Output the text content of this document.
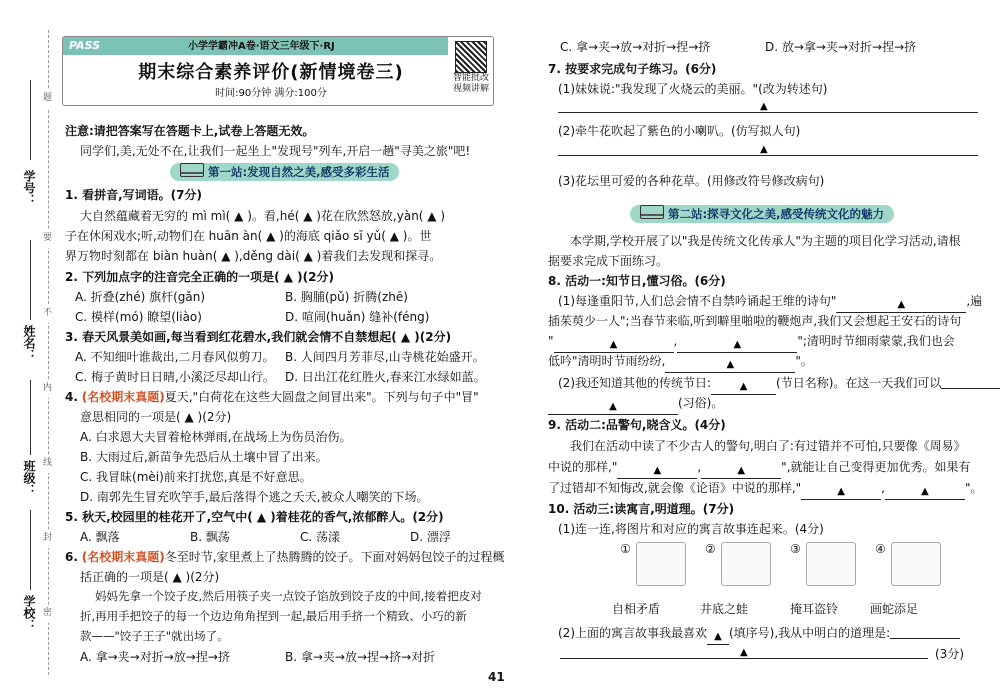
学号：
姓名：
班级：
学校：
题
要
不
内
线
封
密
PASS	小学学霸冲A卷·语文三年级下·RJ
期末综合素养评价(新情境卷三)
时间:90分钟 满分:100分
智能批改 视频讲解
注意:请把答案写在答题卡上,试卷上答题无效。
同学们,美,无处不在,让我们一起坐上"发现号"列车,开启一趟"寻美之旅"吧!
第一站:发现自然之美,感受多彩生活
1. 看拼音,写词语。(7分)
大自然蕴藏着无穷的 mì mì( ▲ )。看,hé( ▲ )花在欣然怒放,yàn( ▲ )
子在休闲戏水;听,动物们在 huān àn( ▲ )的海底 qiǎo sī yǔ( ▲ )。世
界万物时刻都在 biàn huàn( ▲ ),děng dài( ▲ )着我们去发现和探寻。
2. 下列加点字的注音完全正确的一项是( ▲ )(2分)
A. 折叠(zhé) 旗杆(gǎn)	B. 胸脯(pǔ) 折腾(zhē)
C. 模样(mó) 瞭望(liào)	D. 喧闹(huǎn) 缝补(féng)
3. 春天风景美如画,每当看到红花碧水,我们就会情不自禁想起( ▲ )(2分)
A. 不知细叶谁裁出,二月春风似剪刀。 B. 人间四月芳菲尽,山寺桃花始盛开。
C. 梅子黄时日日晴,小溪泛尽却山行。 D. 日出江花红胜火,春来江水绿如蓝。
4. (名校期末真题)夏天,"白荷花在这些大圆盘之间冒出来"。下列与句子中"冒"
意思相同的一项是( ▲ )(2分)
A. 白求恩大夫冒着枪林弹雨,在战场上为伤员治伤。
B. 大雨过后,新苗争先恐后从土壤中冒了出来。
C. 我冒昧(mèi)前来打扰您,真是不好意思。
D. 南郭先生冒充吹竽手,最后落得个逃之夭夭,被众人嘲笑的下场。
5. 秋天,校园里的桂花开了,空气中( ▲ )着桂花的香气,浓郁醉人。(2分)
A. 飘落	B. 飘荡	C. 荡漾	D. 漂浮
6. (名校期末真题)冬至时节,家里煮上了热腾腾的饺子。下面对妈妈包饺子的过程概
括正确的一项是( ▲ )(2分)
妈妈先拿一个饺子皮,然后用筷子夹一点饺子馅放到饺子皮的中间,接着把皮对
折,再用手把饺子的每一个边边角角捏到一起,最后用手挤一个精致、小巧的新
款——"饺子王子"就出场了。
A. 拿→夹→对折→放→捏→挤	B. 拿→夹→放→捏→挤→对折
41
C. 拿→夹→放→对折→捏→挤	D. 放→拿→夹→对折→捏→挤
7. 按要求完成句子练习。(6分)
(1)妹妹说:"我发现了火烧云的美丽。"(改为转述句)
▲
(2)牵牛花吹起了紫色的小喇叭。(仿写拟人句)
▲
(3)花坛里可爱的各种花草。(用修改符号修改病句)
第二站:探寻文化之美,感受传统文化的魅力
本学期,学校开展了以"我是传统文化传承人"为主题的项目化学习活动,请根
据要求完成下面练习。
8. 活动一:知节日,懂习俗。(6分)
(1)每逢重阳节,人们总会情不自禁吟诵起王维的诗句"	▲	,遍
插茱萸少一人";当春节来临,听到噼里啪啦的鞭炮声,我们又会想起王安石的诗句
"	▲	,	▲	";清明时节细雨蒙蒙,我们也会
低吟"清明时节雨纷纷,	▲	"。
(2)我还知道其他的传统节日:	▲ (节日名称)。在这一天我们可以
▲	(习俗)。
9. 活动二:品警句,晓含义。(4分)
我们在活动中读了不少古人的警句,明白了:有过错并不可怕,只要像《周易》
中说的那样,"	▲	,	▲	",就能让自己变得更加优秀。如果有
了过错却不知悔改,就会像《论语》中说的那样,"	▲	,	▲	"。
10. 活动三:读寓言,明道理。(7分)
(1)连一连,将图片和对应的寓言故事连起来。(4分)
①	②	③	④
自相矛盾	井底之蛙	掩耳盗铃	画蛇添足
(2)上面的寓言故事我最喜欢 ▲ (填序号),我从中明白的道理是:
▲	(3分)
